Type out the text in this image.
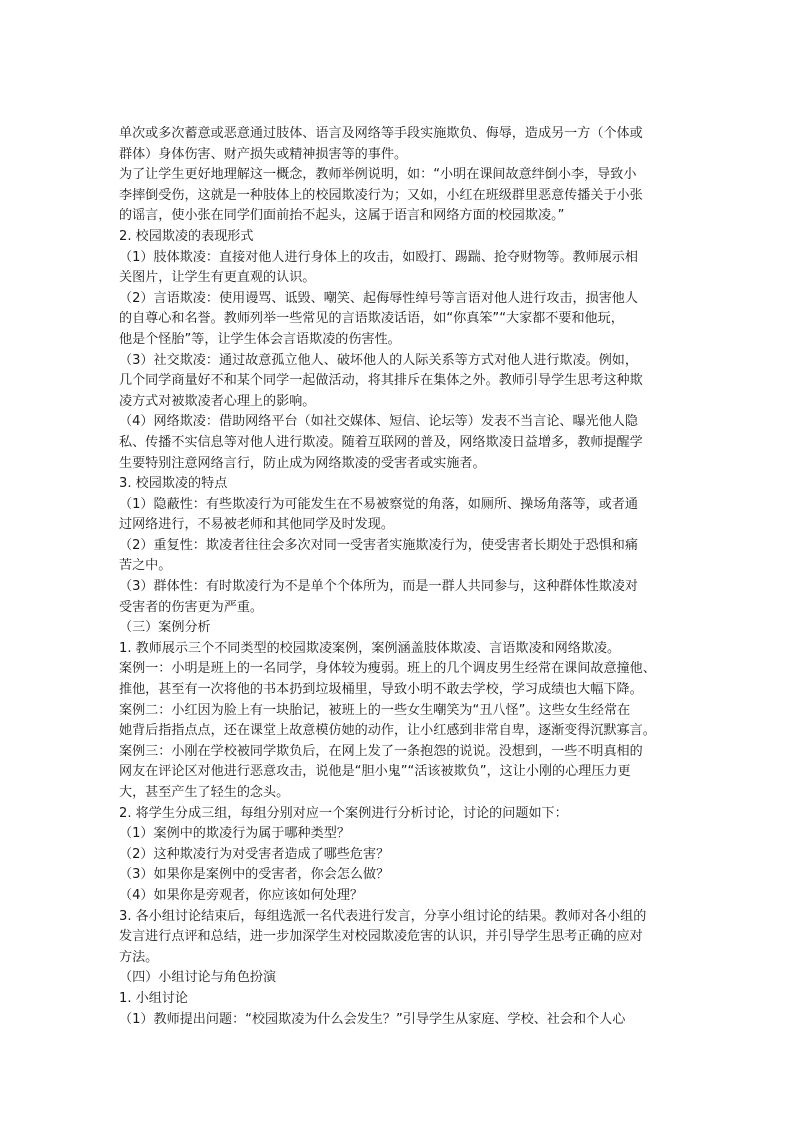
单次或多次蓄意或恶意通过肢体、语言及网络等手段实施欺负、侮辱，造成另一方（个体或
群体）身体伤害、财产损失或精神损害等的事件。
为了让学生更好地理解这一概念，教师举例说明，如：“小明在课间故意绊倒小李，导致小
李摔倒受伤，这就是一种肢体上的校园欺凌行为；又如，小红在班级群里恶意传播关于小张
的谣言，使小张在同学们面前抬不起头，这属于语言和网络方面的校园欺凌。”
2. 校园欺凌的表现形式
（1）肢体欺凌：直接对他人进行身体上的攻击，如殴打、踢踹、抢夺财物等。教师展示相
关图片，让学生有更直观的认识。
（2）言语欺凌：使用谩骂、诋毁、嘲笑、起侮辱性绰号等言语对他人进行攻击，损害他人
的自尊心和名誉。教师列举一些常见的言语欺凌话语，如“你真笨”“大家都不要和他玩，
他是个怪胎”等，让学生体会言语欺凌的伤害性。
（3）社交欺凌：通过故意孤立他人、破坏他人的人际关系等方式对他人进行欺凌。例如，
几个同学商量好不和某个同学一起做活动，将其排斥在集体之外。教师引导学生思考这种欺
凌方式对被欺凌者心理上的影响。
（4）网络欺凌：借助网络平台（如社交媒体、短信、论坛等）发表不当言论、曝光他人隐
私、传播不实信息等对他人进行欺凌。随着互联网的普及，网络欺凌日益增多，教师提醒学
生要特别注意网络言行，防止成为网络欺凌的受害者或实施者。
3. 校园欺凌的特点
（1）隐蔽性：有些欺凌行为可能发生在不易被察觉的角落，如厕所、操场角落等，或者通
过网络进行，不易被老师和其他同学及时发现。
（2）重复性：欺凌者往往会多次对同一受害者实施欺凌行为，使受害者长期处于恐惧和痛
苦之中。
（3）群体性：有时欺凌行为不是单个个体所为，而是一群人共同参与，这种群体性欺凌对
受害者的伤害更为严重。
（三）案例分析
1. 教师展示三个不同类型的校园欺凌案例，案例涵盖肢体欺凌、言语欺凌和网络欺凌。
案例一：小明是班上的一名同学，身体较为瘦弱。班上的几个调皮男生经常在课间故意撞他、
推他，甚至有一次将他的书本扔到垃圾桶里，导致小明不敢去学校，学习成绩也大幅下降。
案例二：小红因为脸上有一块胎记，被班上的一些女生嘲笑为“丑八怪”。这些女生经常在
她背后指指点点，还在课堂上故意模仿她的动作，让小红感到非常自卑，逐渐变得沉默寡言。
案例三：小刚在学校被同学欺负后，在网上发了一条抱怨的说说。没想到，一些不明真相的
网友在评论区对他进行恶意攻击，说他是“胆小鬼”“活该被欺负”，这让小刚的心理压力更
大，甚至产生了轻生的念头。
2. 将学生分成三组，每组分别对应一个案例进行分析讨论，讨论的问题如下：
（1）案例中的欺凌行为属于哪种类型？
（2）这种欺凌行为对受害者造成了哪些危害？
（3）如果你是案例中的受害者，你会怎么做？
（4）如果你是旁观者，你应该如何处理？
3. 各小组讨论结束后，每组选派一名代表进行发言，分享小组讨论的结果。教师对各小组的
发言进行点评和总结，进一步加深学生对校园欺凌危害的认识，并引导学生思考正确的应对
方法。
（四）小组讨论与角色扮演
1. 小组讨论
（1）教师提出问题：“校园欺凌为什么会发生？”引导学生从家庭、学校、社会和个人心
